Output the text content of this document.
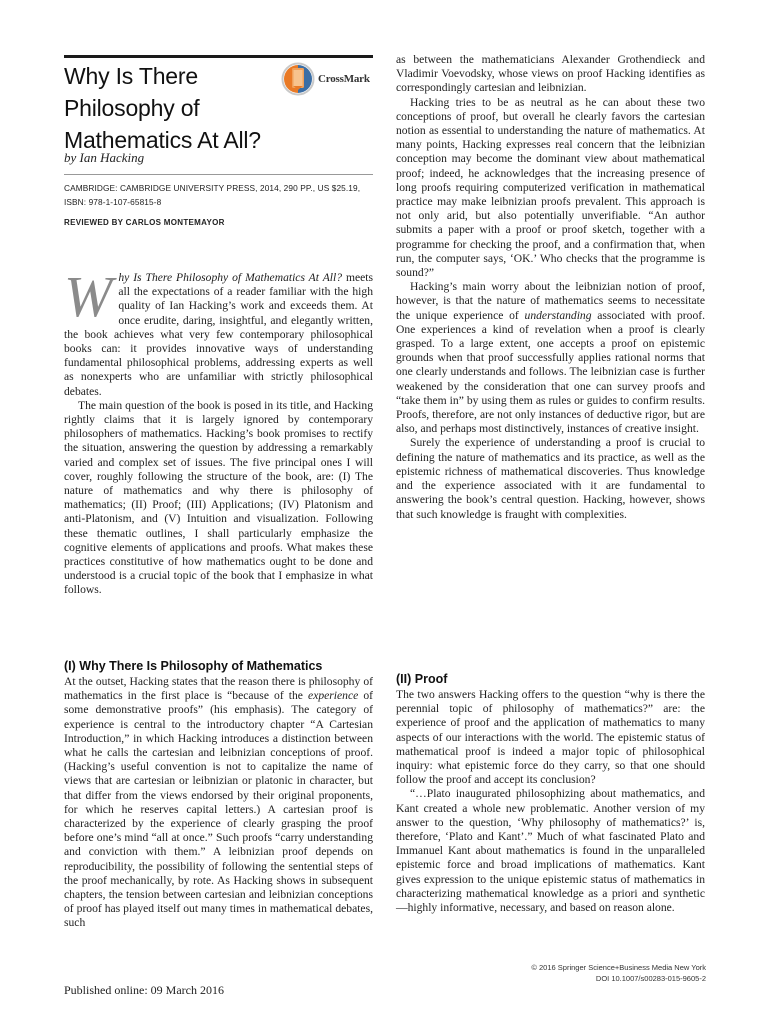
Why Is There
Philosophy of
Mathematics At All?
CrossMark
by Ian Hacking
CAMBRIDGE: CAMBRIDGE UNIVERSITY PRESS, 2014, 290 PP., US $25.19,
ISBN: 978-1-107-65815-8
REVIEWED BY CARLOS MONTEMAYOR

Why Is There Philosophy of Mathematics At All? meets all the expectations of a reader familiar with the high quality of Ian Hacking’s work and exceeds them. At once erudite, daring, insightful, and elegantly written, the book achieves what very few contemporary philosophical books can: it provides innovative ways of understanding fundamental philosophical problems, addressing experts as well as nonexperts who are unfamiliar with strictly philosophical debates.

The main question of the book is posed in its title, and Hacking rightly claims that it is largely ignored by contemporary philosophers of mathematics. Hacking’s book promises to rectify the situation, answering the question by addressing a remarkably varied and complex set of issues. The five principal ones I will cover, roughly following the structure of the book, are: (I) The nature of mathematics and why there is philosophy of mathematics; (II) Proof; (III) Applications; (IV) Platonism and anti-Platonism, and (V) Intuition and visualization. Following these thematic outlines, I shall particularly emphasize the cognitive elements of applications and proofs. What makes these practices constitutive of how mathematics ought to be done and understood is a crucial topic of the book that I emphasize in what follows.

(I) Why There Is Philosophy of Mathematics

At the outset, Hacking states that the reason there is philosophy of mathematics in the first place is “because of the experience of some demonstrative proofs” (his emphasis). The category of experience is central to the introductory chapter “A Cartesian Introduction,” in which Hacking introduces a distinction between what he calls the cartesian and leibnizian conceptions of proof. (Hacking’s useful convention is not to capitalize the name of views that are cartesian or leibnizian or platonic in character, but that differ from the views endorsed by their original proponents, for which he reserves capital letters.) A cartesian proof is characterized by the experience of clearly grasping the proof before one’s mind “all at once.” Such proofs “carry understanding and conviction with them.” A leibnizian proof depends on reproducibility, the possibility of following the sentential steps of the proof mechanically, by rote. As Hacking shows in subsequent chapters, the tension between cartesian and leibnizian conceptions of proof has played itself out many times in mathematical debates, such

as between the mathematicians Alexander Grothendieck and Vladimir Voevodsky, whose views on proof Hacking identifies as correspondingly cartesian and leibnizian.

Hacking tries to be as neutral as he can about these two conceptions of proof, but overall he clearly favors the cartesian notion as essential to understanding the nature of mathematics. At many points, Hacking expresses real concern that the leibnizian conception may become the dominant view about mathematical proof; indeed, he acknowledges that the increasing presence of long proofs requiring computerized verification in mathematical practice may make leibnizian proofs prevalent. This approach is not only arid, but also potentially unverifiable. “An author submits a paper with a proof or proof sketch, together with a programme for checking the proof, and a confirmation that, when run, the computer says, ‘OK.’ Who checks that the programme is sound?”

Hacking’s main worry about the leibnizian notion of proof, however, is that the nature of mathematics seems to necessitate the unique experience of understanding associated with proof. One experiences a kind of revelation when a proof is clearly grasped. To a large extent, one accepts a proof on epistemic grounds when that proof successfully applies rational norms that one clearly understands and follows. The leibnizian case is further weakened by the consideration that one can survey proofs and “take them in” by using them as rules or guides to confirm results. Proofs, therefore, are not only instances of deductive rigor, but are also, and perhaps most distinctively, instances of creative insight.

Surely the experience of understanding a proof is crucial to defining the nature of mathematics and its practice, as well as the epistemic richness of mathematical discoveries. Thus knowledge and the experience associated with it are fundamental to answering the book’s central question. Hacking, however, shows that such knowledge is fraught with complexities.

(II) Proof

The two answers Hacking offers to the question “why is there the perennial topic of philosophy of mathematics?” are: the experience of proof and the application of mathematics to many aspects of our interactions with the world. The epistemic status of mathematical proof is indeed a major topic of philosophical inquiry: what epistemic force do they carry, so that one should follow the proof and accept its conclusion?

“…Plato inaugurated philosophizing about mathematics, and Kant created a whole new problematic. Another version of my answer to the question, ‘Why philosophy of mathematics?’ is, therefore, ‘Plato and Kant’.” Much of what fascinated Plato and Immanuel Kant about mathematics is found in the unparalleled epistemic force and broad implications of mathematics. Kant gives expression to the unique epistemic status of mathematics in characterizing mathematical knowledge as a priori and synthetic—highly informative, necessary, and based on reason alone.

© 2016 Springer Science+Business Media New York
DOI 10.1007/s00283-015-9605-2
Published online: 09 March 2016
